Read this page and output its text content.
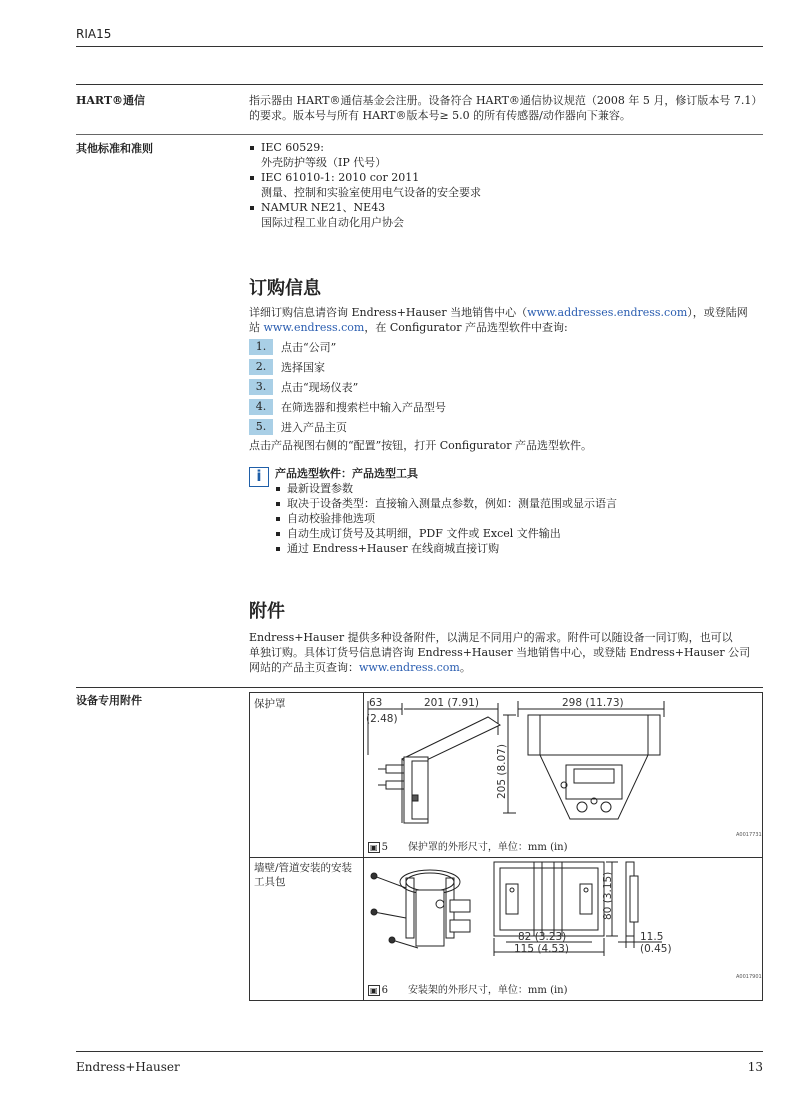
RIA15
HART®通信	指示器由 HART®通信基金会注册。设备符合 HART®通信协议规范（2008 年 5 月，修订版本号 7.1）的要求。版本号与所有 HART®版本号≥ 5.0 的所有传感器/动作器向下兼容。
其他标准和准则	IEC 60529:
外壳防护等级（IP 代号）
IEC 61010-1: 2010 cor 2011
测量、控制和实验室使用电气设备的安全要求
NAMUR NE21、NE43
国际过程工业自动化用户协会
订购信息
详细订购信息请咨询 Endress+Hauser 当地销售中心（www.addresses.endress.com），或登陆网
站 www.endress.com，在 Configurator 产品选型软件中查询:
1.	点击“公司”
2.	选择国家
3.	点击“现场仪表”
4.	在筛选器和搜索栏中输入产品型号
5.	进入产品主页
点击产品视图右侧的“配置”按钮，打开 Configurator 产品选型软件。
i	产品选型软件：产品选型工具
最新设置参数
取决于设备类型：直接输入测量点参数，例如：测量范围或显示语言
自动校验排他选项
自动生成订货号及其明细，PDF 文件或 Excel 文件输出
通过 Endress+Hauser 在线商城直接订购
附件
Endress+Hauser 提供多种设备附件，以满足不同用户的需求。附件可以随设备一同订购，也可以
单独订购。具体订货号信息请咨询 Endress+Hauser 当地销售中心，或登陆 Endress+Hauser 公司
网站的产品主页查询：www.endress.com。
设备专用附件	保护罩	63
(2.48)
201 (7.91)	298 (11.73)
205 (8.07)
A0017731
▣ 5 保护罩的外形尺寸，单位：mm (in)
墙壁/管道安装的安装工具包	80 (3.15)
82 (3.23)
115 (4.53)
11.5
(0.45)
A0017901
▣ 6 安装架的外形尺寸，单位：mm (in)
Endress+Hauser	13
